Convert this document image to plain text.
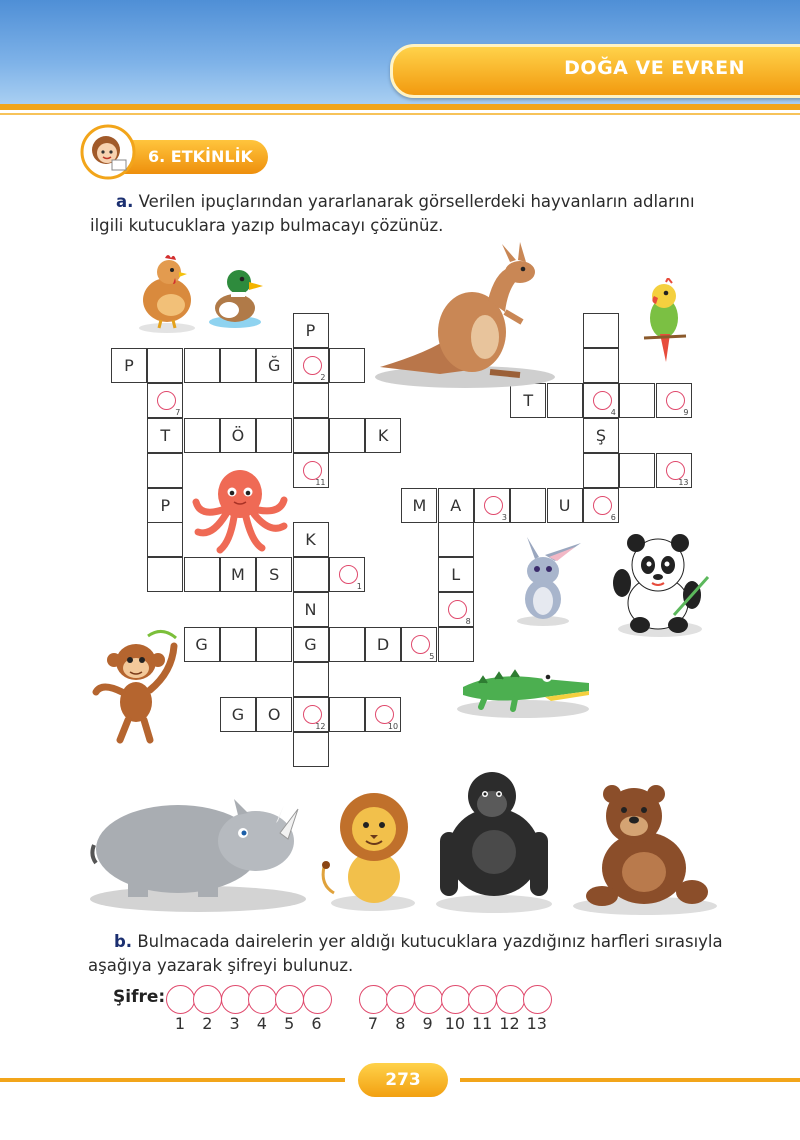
DOĞA VE EVREN
6. ETKİNLİK
a. Verilen ipuçlarından yararlanarak görsellerdeki hayvanların adlarını
ilgili kutucuklara yazıp bulmacayı çözünüz.
P
P	Ğ
2
7
T
4	9
T	Ö	K	Ş
11	13
P	M	A
3
U
6
K
M	S
1
L
N
8
G	G	D
5
G	O
12	10
b. Bulmacada dairelerin yer aldığı kutucuklara yazdığınız harfleri sırasıyla
aşağıya yazarak şifreyi bulunuz.
Şifre:
1	2	3	4	5	6	7	8	9 10 11 12 13
273
